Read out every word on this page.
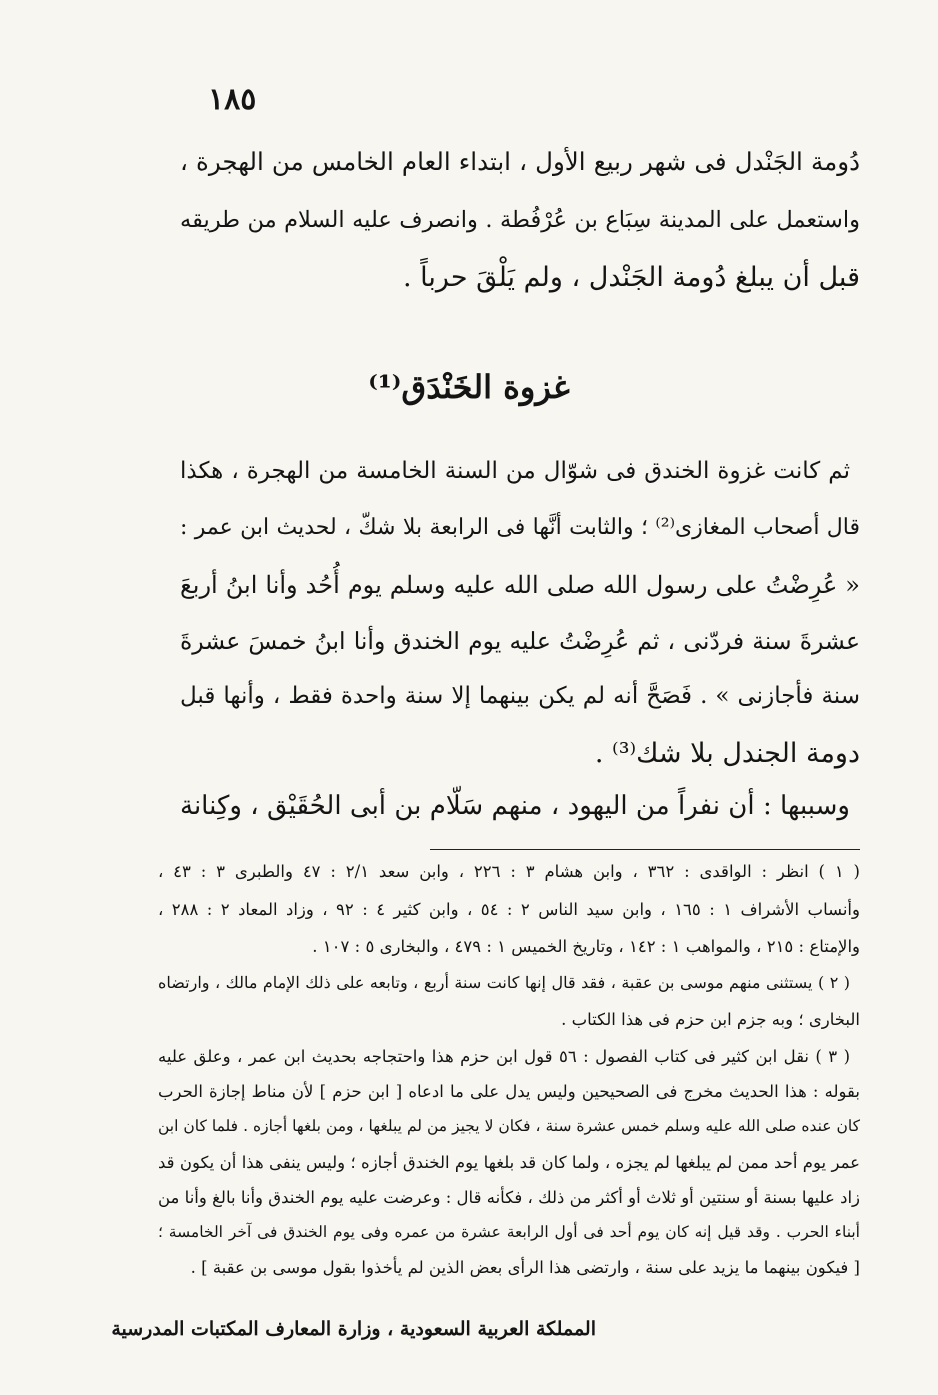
١٨٥
دُومة الجَنْدل فى شهر ربيع الأول ، ابتداء العام الخامس من الهجرة ،
واستعمل على المدينة سِبَاع بن عُرْفُطة . وانصرف عليه السلام من طريقه
قبل أن يبلغ دُومة الجَنْدل ، ولم يَلْقَ حرباً .
غزوة الخَنْدَق⁽¹⁾
ثم كانت غزوة الخندق فى شوّال من السنة الخامسة من الهجرة ، هكذا
قال أصحاب المغازى⁽²⁾ ؛ والثابت أنَّها فى الرابعة بلا شكّ ، لحديث ابن عمر :
« عُرِضْتُ على رسول الله صلى الله عليه وسلم يوم أُحُد وأنا ابنُ أربعَ
عشرةَ سنة فردّنى ، ثم عُرِضْتُ عليه يوم الخندق وأنا ابنُ خمسَ عشرةَ
سنة فأجازنى » . فَصَحَّ أنه لم يكن بينهما إلا سنة واحدة فقط ، وأنها قبل
دومة الجندل بلا شك⁽³⁾ .
وسببها : أن نفراً من اليهود ، منهم سَلّام بن أبى الحُقَيْق ، وكِنانة
( ١ ) انظر : الواقدى : ٣٦٢ ، وابن هشام ٣ : ٢٢٦ ، وابن سعد ٢/١ : ٤٧ والطبرى ٣ : ٤٣ ،
وأنساب الأشراف ١ : ١٦٥ ، وابن سيد الناس ٢ : ٥٤ ، وابن كثير ٤ : ٩٢ ، وزاد المعاد ٢ : ٢٨٨ ،
والإمتاع : ٢١٥ ، والمواهب ١ : ١٤٢ ، وتاريخ الخميس ١ : ٤٧٩ ، والبخارى ٥ : ١٠٧ .
( ٢ ) يستثنى منهم موسى بن عقبة ، فقد قال إنها كانت سنة أربع ، وتابعه على ذلك الإمام مالك ، وارتضاه
البخارى ؛ وبه جزم ابن حزم فى هذا الكتاب .
( ٣ ) نقل ابن كثير فى كتاب الفصول : ٥٦ قول ابن حزم هذا واحتجاجه بحديث ابن عمر ، وعلق عليه
بقوله : هذا الحديث مخرج فى الصحيحين وليس يدل على ما ادعاه [ ابن حزم ] لأن مناط إجازة الحرب
كان عنده صلى الله عليه وسلم خمس عشرة سنة ، فكان لا يجيز من لم يبلغها ، ومن بلغها أجازه . فلما كان ابن
عمر يوم أحد ممن لم يبلغها لم يجزه ، ولما كان قد بلغها يوم الخندق أجازه ؛ وليس ينفى هذا أن يكون قد
زاد عليها بسنة أو سنتين أو ثلاث أو أكثر من ذلك ، فكأنه قال : وعرضت عليه يوم الخندق وأنا بالغ وأنا من
أبناء الحرب . وقد قيل إنه كان يوم أحد فى أول الرابعة عشرة من عمره وفى يوم الخندق فى آخر الخامسة ؛
[ فيكون بينهما ما يزيد على سنة ، وارتضى هذا الرأى بعض الذين لم يأخذوا بقول موسى بن عقبة ] .
المملكة العربية السعودية ، وزارة المعارف المكتبات المدرسية
